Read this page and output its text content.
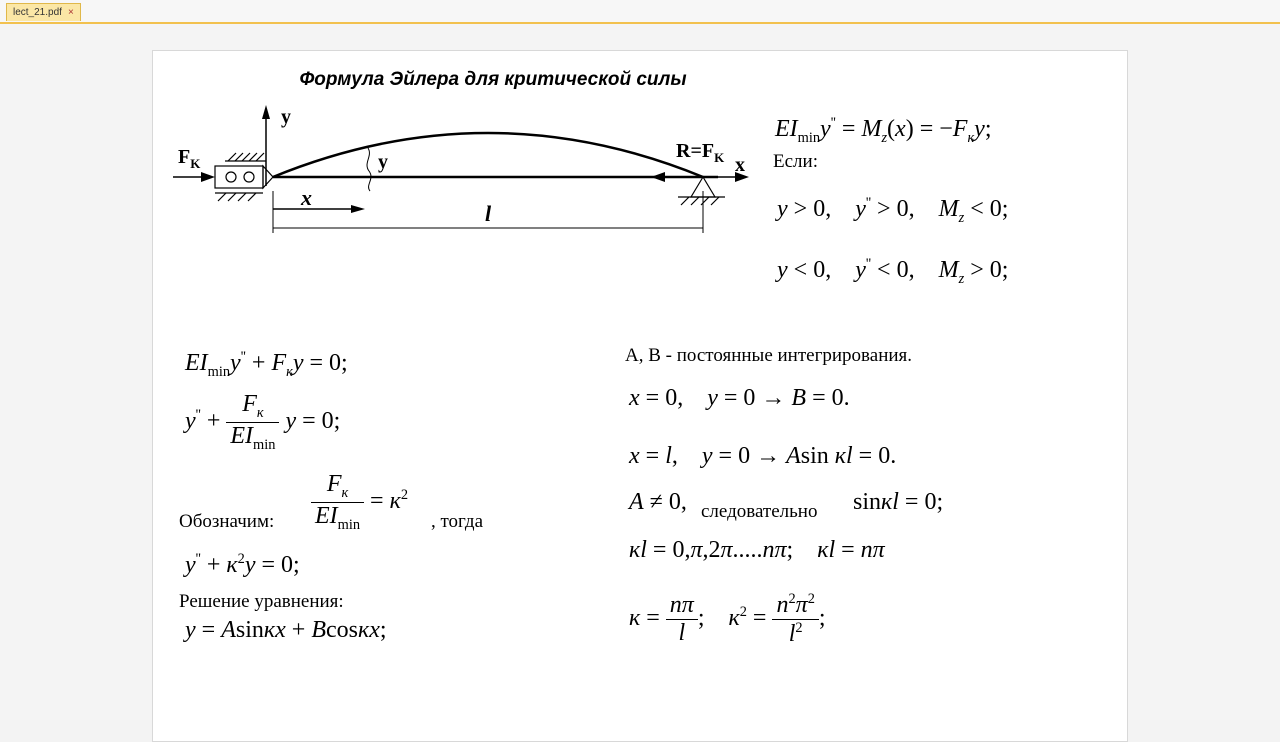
lect_21.pdf ×
Формула Эйлера для критической силы
y
$F_K$	y
x
l
$R=F_K$ x
$EI_{min}y'' = M_z(x) = -F_кy$;
Если:
y > 0,    y'' > 0,    $M_z < 0$;
y < 0,    y'' < 0,    $M_z > 0$;
$EI_{min}y'' + F_кy = 0$;
$y'' + \frac{F_к}{EI_{min}}$ y = 0;
Обозначим: $\frac{F_к}{EI_{min}} = к^2$
, тогда
$y'' + к^2y = 0$;
Решение уравнения:
y = Asinкx + Bcosкx;
A, B - постоянные интегрирования.
x = 0,    y = 0 → B = 0.
x = l,    y = 0 → Asin кl = 0.
A ≠ 0, следовательно sinкl = 0;
кl = 0,π,2π.....nπ;    кl = nπ
$к = \frac{n\pi}{l}$ ;    $к^2 = \frac{n^2\pi^2}{l^2}$ ;
